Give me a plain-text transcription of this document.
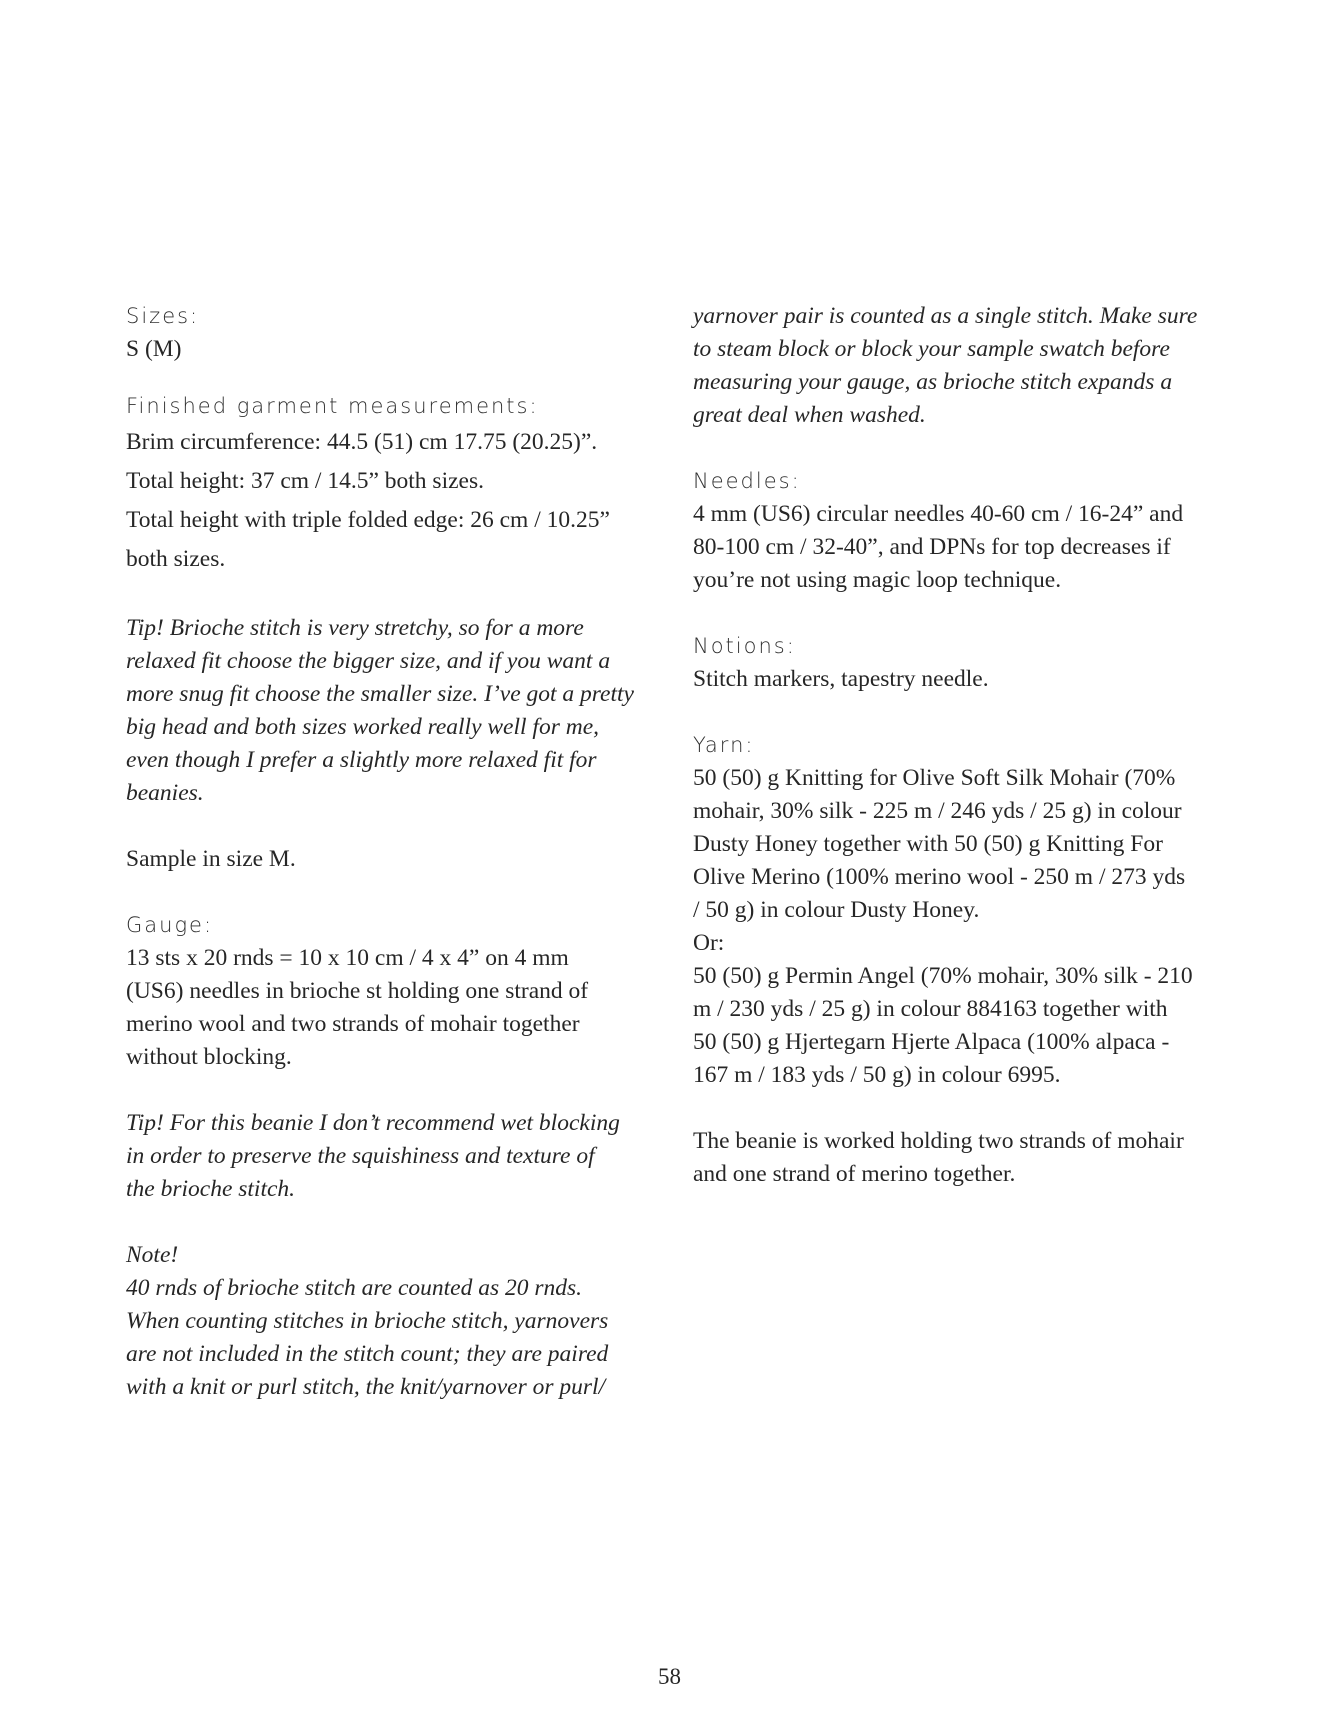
Sizes:

S (M)

Finished garment measurements:

Brim circumference: 44.5 (51) cm 17.75 (20.25)”.

Total height: 37 cm / 14.5” both sizes.

Total height with triple folded edge: 26 cm / 10.25”

both sizes.

Tip! Brioche stitch is very stretchy, so for a more

relaxed fit choose the bigger size, and if you want a

more snug fit choose the smaller size. I’ve got a pretty

big head and both sizes worked really well for me,

even though I prefer a slightly more relaxed fit for

beanies.

Sample in size M.

Gauge:

13 sts x 20 rnds = 10 x 10 cm / 4 x 4” on 4 mm

(US6) needles in brioche st holding one strand of

merino wool and two strands of mohair together

without blocking.

Tip! For this beanie I don’t recommend wet blocking

in order to preserve the squishiness and texture of

the brioche stitch.

Note!

40 rnds of brioche stitch are counted as 20 rnds.

When counting stitches in brioche stitch, yarnovers

are not included in the stitch count; they are paired

with a knit or purl stitch, the knit/yarnover or purl/

yarnover pair is counted as a single stitch. Make sure

to steam block or block your sample swatch before

measuring your gauge, as brioche stitch expands a

great deal when washed.

Needles:

4 mm (US6) circular needles 40-60 cm / 16-24” and

80-100 cm / 32-40”, and DPNs for top decreases if

you’re not using magic loop technique.

Notions:

Stitch markers, tapestry needle.

Yarn:

50 (50) g Knitting for Olive Soft Silk Mohair (70%

mohair, 30% silk - 225 m / 246 yds / 25 g) in colour

Dusty Honey together with 50 (50) g Knitting For

Olive Merino (100% merino wool - 250 m / 273 yds

/ 50 g) in colour Dusty Honey.

Or:

50 (50) g Permin Angel (70% mohair, 30% silk - 210

m / 230 yds / 25 g) in colour 884163 together with

50 (50) g Hjertegarn Hjerte Alpaca (100% alpaca -

167 m / 183 yds / 50 g) in colour 6995.

The beanie is worked holding two strands of mohair

and one strand of merino together.

58
